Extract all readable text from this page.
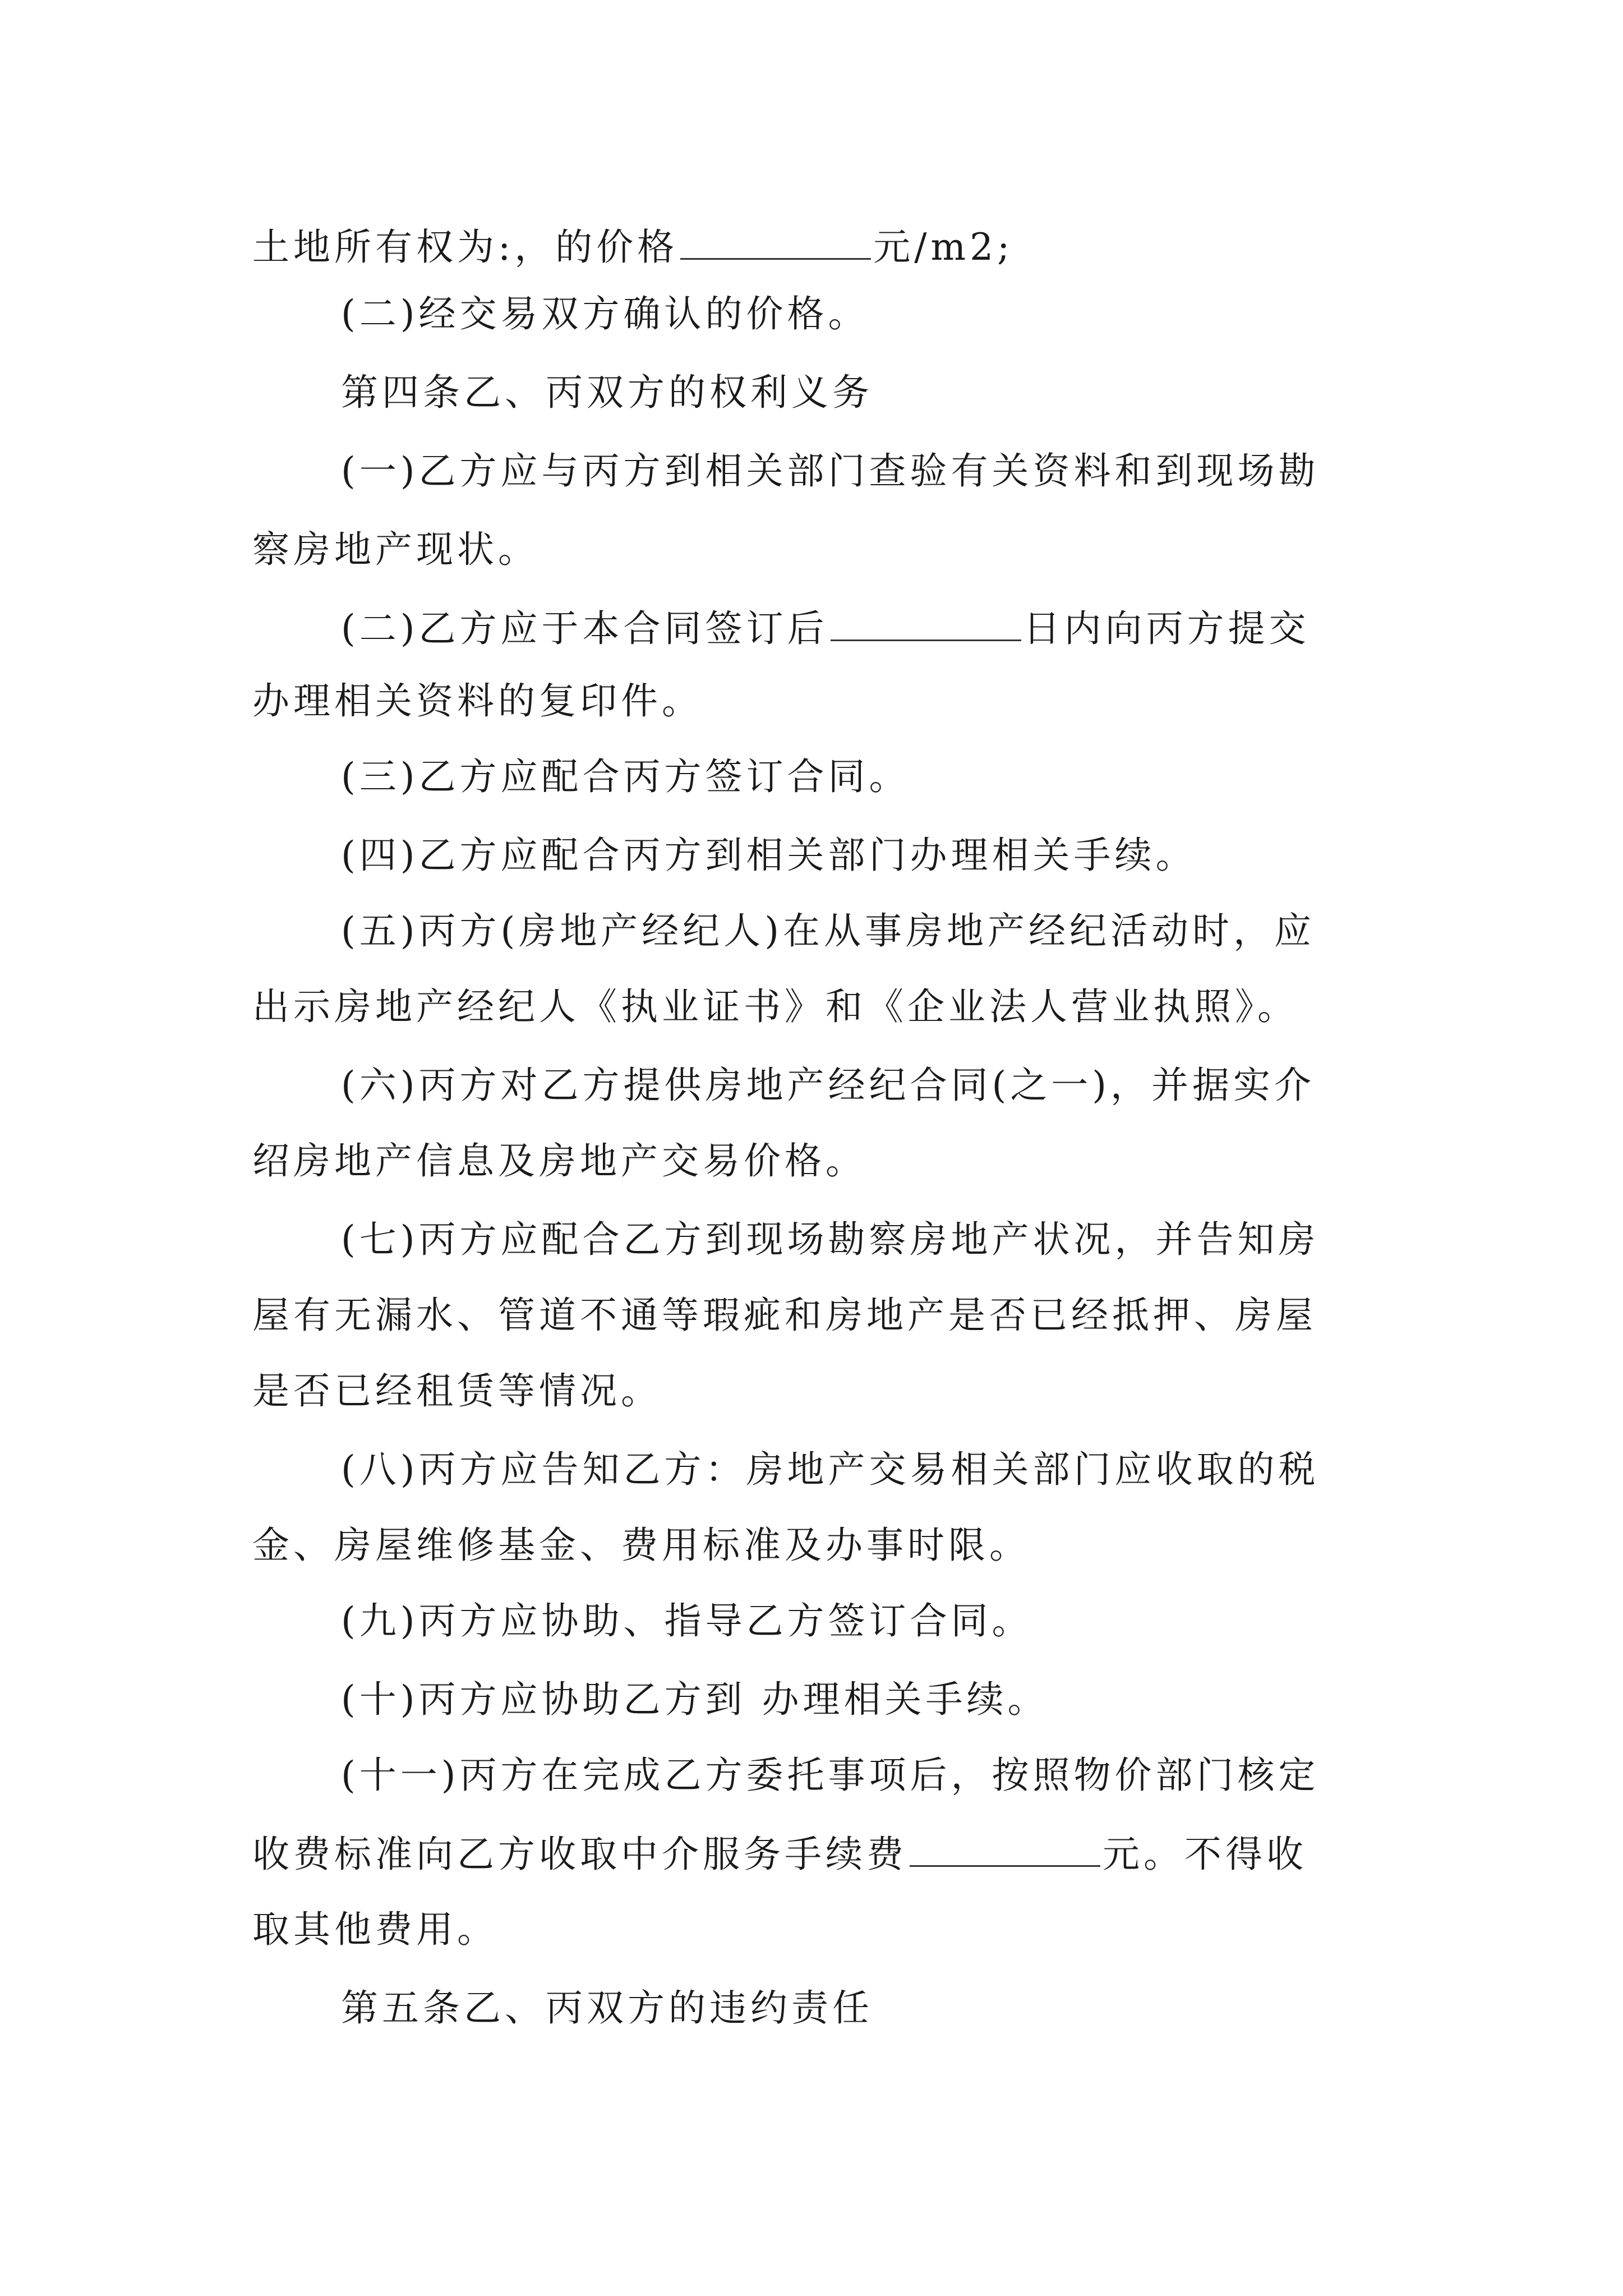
土地所有权为:，的价格	元/m2;
(二)经交易双方确认的价格。
第四条乙、丙双方的权利义务
(一)乙方应与丙方到相关部门查验有关资料和到现场勘
察房地产现状。
(二)乙方应于本合同签订后	日内向丙方提交
办理相关资料的复印件。
(三)乙方应配合丙方签订合同。
(四)乙方应配合丙方到相关部门办理相关手续。
(五)丙方(房地产经纪人)在从事房地产经纪活动时，应
出示房地产经纪人《执业证书》和《企业法人营业执照》。
(六)丙方对乙方提供房地产经纪合同(之一)，并据实介
绍房地产信息及房地产交易价格。
(七)丙方应配合乙方到现场勘察房地产状况，并告知房
屋有无漏水、管道不通等瑕疵和房地产是否已经抵押、房屋
是否已经租赁等情况。
(八)丙方应告知乙方：房地产交易相关部门应收取的税
金、房屋维修基金、费用标准及办事时限。
(九)丙方应协助、指导乙方签订合同。
(十)丙方应协助乙方到 办理相关手续。
(十一)丙方在完成乙方委托事项后，按照物价部门核定
收费标准向乙方收取中介服务手续费	元。不得收
取其他费用。
第五条乙、丙双方的违约责任
